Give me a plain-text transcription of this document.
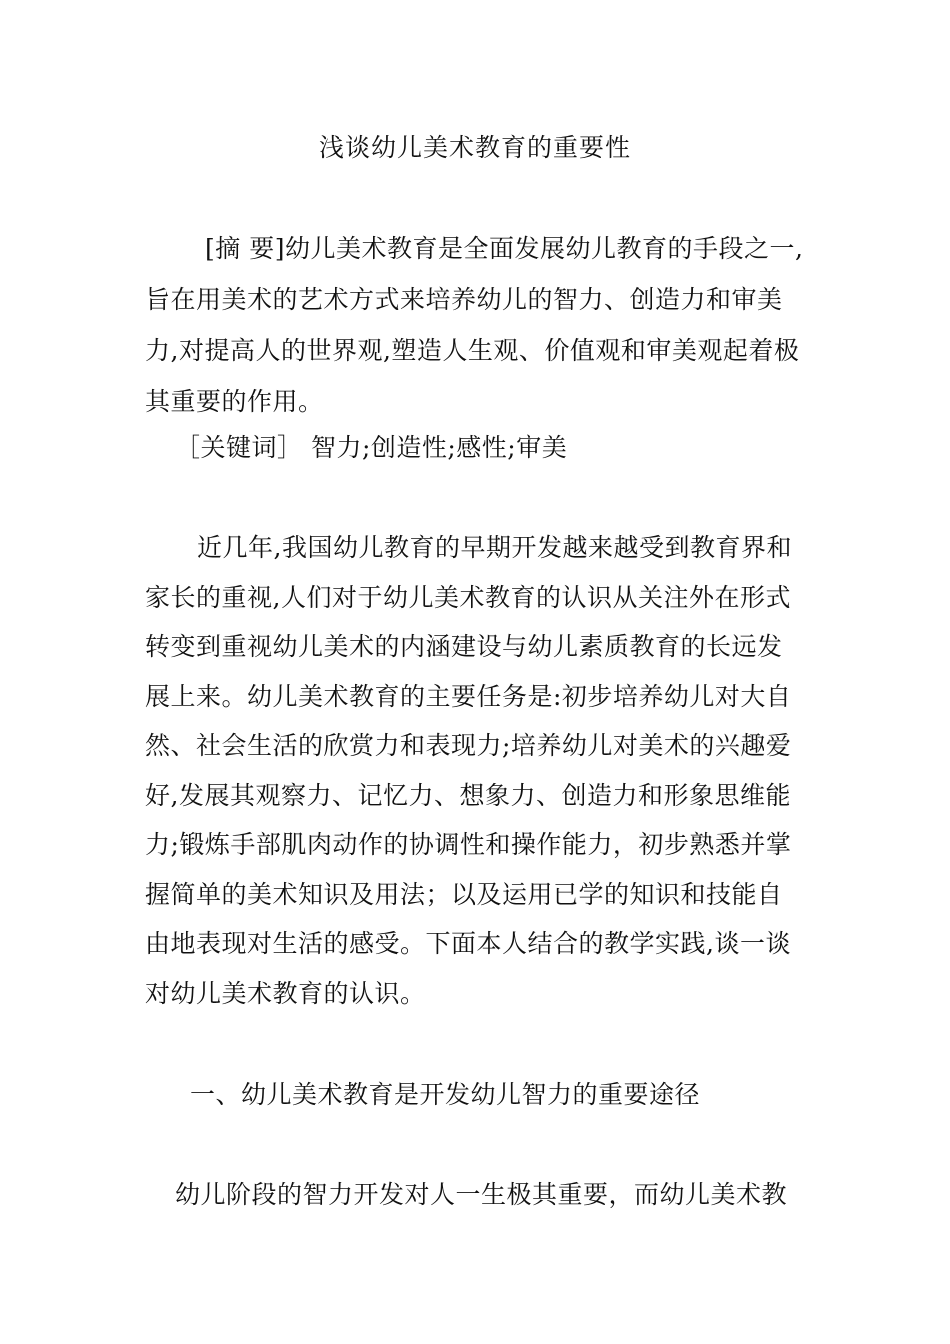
浅谈幼儿美术教育的重要性
[摘 要]幼儿美术教育是全面发展幼儿教育的手段之一,
旨在用美术的艺术方式来培养幼儿的智力、创造力和审美
力,对提高人的世界观,塑造人生观、价值观和审美观起着极
其重要的作用。
［关键词］ 智力;创造性;感性;审美
近几年,我国幼儿教育的早期开发越来越受到教育界和
家长的重视,人们对于幼儿美术教育的认识从关注外在形式
转变到重视幼儿美术的内涵建设与幼儿素质教育的长远发
展上来。幼儿美术教育的主要任务是:初步培养幼儿对大自
然、社会生活的欣赏力和表现力;培养幼儿对美术的兴趣爱
好,发展其观察力、记忆力、想象力、创造力和形象思维能
力;锻炼手部肌肉动作的协调性和操作能力，初步熟悉并掌
握简单的美术知识及用法；以及运用已学的知识和技能自
由地表现对生活的感受。下面本人结合的教学实践,谈一谈
对幼儿美术教育的认识。
一、幼儿美术教育是开发幼儿智力的重要途径
幼儿阶段的智力开发对人一生极其重要，而幼儿美术教
